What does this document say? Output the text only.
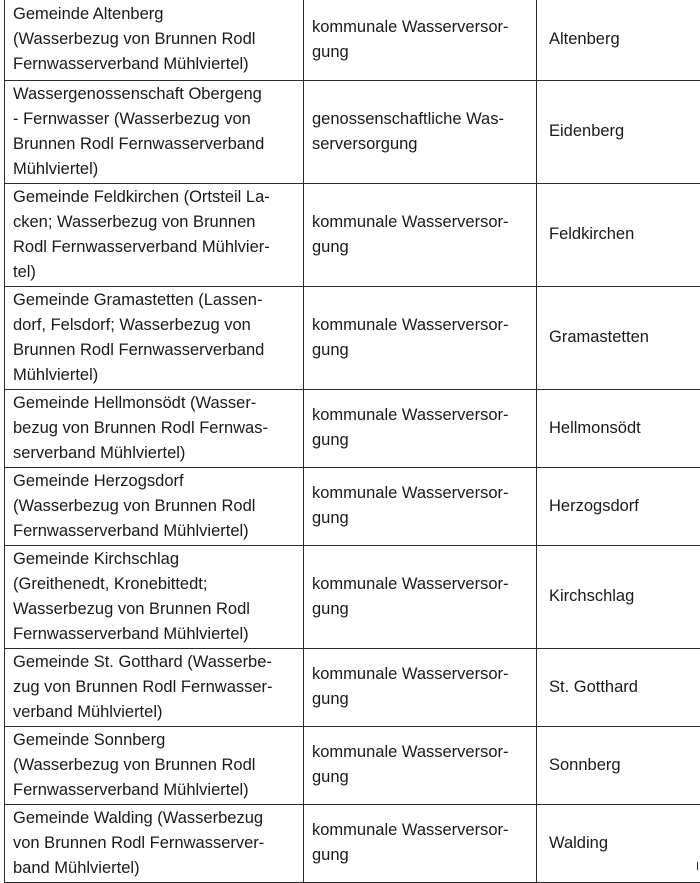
Gemeinde Altenberg
(Wasserbezug von Brunnen Rodl
Fernwasserverband Mühlviertel)	kommunale Wasserversor-
gung	Altenberg
Wassergenossenschaft Obergeng
- Fernwasser (Wasserbezug von
Brunnen Rodl Fernwasserverband
Mühlviertel)	genossenschaftliche Was-
serversorgung	Eidenberg
Gemeinde Feldkirchen (Ortsteil La-
cken; Wasserbezug von Brunnen
Rodl Fernwasserverband Mühlvier-
tel)	kommunale Wasserversor-
gung	Feldkirchen
Gemeinde Gramastetten (Lassen-
dorf, Felsdorf; Wasserbezug von
Brunnen Rodl Fernwasserverband
Mühlviertel)	kommunale Wasserversor-
gung	Gramastetten
Gemeinde Hellmonsödt (Wasser-
bezug von Brunnen Rodl Fernwas-
serverband Mühlviertel)	kommunale Wasserversor-
gung	Hellmonsödt
Gemeinde Herzogsdorf
(Wasserbezug von Brunnen Rodl
Fernwasserverband Mühlviertel)	kommunale Wasserversor-
gung	Herzogsdorf
Gemeinde Kirchschlag
(Greithenedt, Kronebittedt;
Wasserbezug von Brunnen Rodl
Fernwasserverband Mühlviertel)	kommunale Wasserversor-
gung	Kirchschlag
Gemeinde St. Gotthard (Wasserbe-
zug von Brunnen Rodl Fernwasser-
verband Mühlviertel)	kommunale Wasserversor-
gung	St. Gotthard
Gemeinde Sonnberg
(Wasserbezug von Brunnen Rodl
Fernwasserverband Mühlviertel)	kommunale Wasserversor-
gung	Sonnberg
Gemeinde Walding (Wasserbezug
von Brunnen Rodl Fernwasserver-
band Mühlviertel)	kommunale Wasserversor-
gung	Walding
